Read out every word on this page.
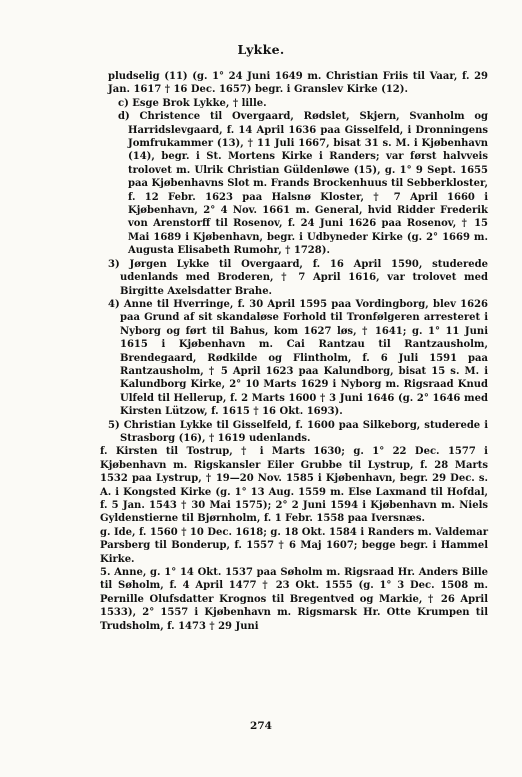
Lykke.

pludselig (11) (g. 1° 24 Juni 1649 m. Christian Friis til Vaar, f. 29 Jan. 1617 † 16 Dec. 1657) begr. i Granslev Kirke (12).

c) Esge Brok Lykke, † lille.

d) Christence til Overgaard, Rødslet, Skjern, Svanholm og Harridslevgaard, f. 14 April 1636 paa Gisselfeld, i Dronningens Jomfrukammer (13), † 11 Juli 1667, bisat 31 s. M. i Kjøbenhavn (14), begr. i St. Mortens Kirke i Randers; var først halvveis trolovet m. Ulrik Christian Güldenløwe (15), g. 1° 9 Sept. 1655 paa Kjøbenhavns Slot m. Frands Brockenhuus til Sebberkloster, f. 12 Febr. 1623 paa Halsnø Kloster, † 7 April 1660 i Kjøbenhavn, 2° 4 Nov. 1661 m. General, hvid Ridder Frederik von Arenstorff til Rosenov, f. 24 Juni 1626 paa Rosenov, † 15 Mai 1689 i Kjøbenhavn, begr. i Udbyneder Kirke (g. 2° 1669 m. Augusta Elisabeth Rumohr, † 1728).

3) Jørgen Lykke til Overgaard, f. 16 April 1590, studerede udenlands med Broderen, † 7 April 1616, var trolovet med Birgitte Axelsdatter Brahe.

4) Anne til Hverringe, f. 30 April 1595 paa Vordingborg, blev 1626 paa Grund af sit skandaløse Forhold til Tronfølgeren arresteret i Nyborg og ført til Bahus, kom 1627 løs, † 1641; g. 1° 11 Juni 1615 i Kjøbenhavn m. Cai Rantzau til Rantzausholm, Brendegaard, Rødkilde og Flintholm, f. 6 Juli 1591 paa Rantzausholm, † 5 April 1623 paa Kalundborg, bisat 15 s. M. i Kalundborg Kirke, 2° 10 Marts 1629 i Nyborg m. Rigsraad Knud Ulfeld til Hellerup, f. 2 Marts 1600 † 3 Juni 1646 (g. 2° 1646 med Kirsten Lützow, f. 1615 † 16 Okt. 1693).

5) Christian Lykke til Gisselfeld, f. 1600 paa Silkeborg, studerede i Strasborg (16), † 1619 udenlands.

f. Kirsten til Tostrup, † i Marts 1630; g. 1° 22 Dec. 1577 i Kjøbenhavn m. Rigskansler Eiler Grubbe til Lystrup, f. 28 Marts 1532 paa Lystrup, † 19—20 Nov. 1585 i Kjøbenhavn, begr. 29 Dec. s. A. i Kongsted Kirke (g. 1° 13 Aug. 1559 m. Else Laxmand til Hofdal, f. 5 Jan. 1543 † 30 Mai 1575); 2° 2 Juni 1594 i Kjøbenhavn m. Niels Gyldenstierne til Bjørnholm, f. 1 Febr. 1558 paa Iversnæs.

g. Ide, f. 1560 † 10 Dec. 1618; g. 18 Okt. 1584 i Randers m. Valdemar Parsberg til Bonderup, f. 1557 † 6 Maj 1607; begge begr. i Hammel Kirke.

5. Anne, g. 1° 14 Okt. 1537 paa Søholm m. Rigsraad Hr. Anders Bille til Søholm, f. 4 April 1477 † 23 Okt. 1555 (g. 1° 3 Dec. 1508 m. Pernille Olufsdatter Krognos til Bregentved og Markie, † 26 April 1533), 2° 1557 i Kjøbenhavn m. Rigsmarsk Hr. Otte Krumpen til Trudsholm, f. 1473 † 29 Juni

274
